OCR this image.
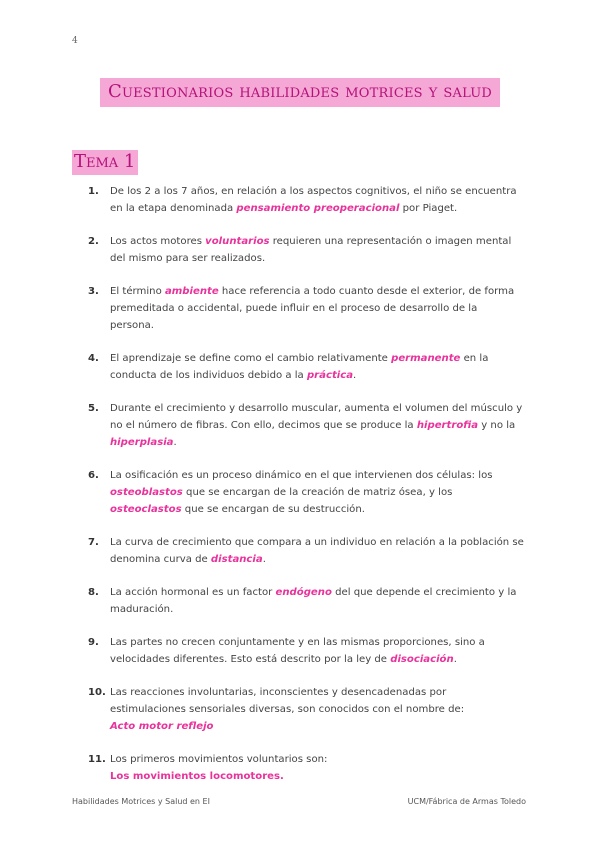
4
Cuestionarios habilidades motrices y salud
Tema 1
1. De los 2 a los 7 años, en relación a los aspectos cognitivos, el niño se encuentra en la etapa denominada pensamiento preoperacional por Piaget.
2. Los actos motores voluntarios requieren una representación o imagen mental del mismo para ser realizados.
3. El término ambiente hace referencia a todo cuanto desde el exterior, de forma premeditada o accidental, puede influir en el proceso de desarrollo de la persona.
4. El aprendizaje se define como el cambio relativamente permanente en la conducta de los individuos debido a la práctica.
5. Durante el crecimiento y desarrollo muscular, aumenta el volumen del músculo y no el número de fibras. Con ello, decimos que se produce la hipertrofia y no la hiperplasia.
6. La osificación es un proceso dinámico en el que intervienen dos células: los osteoblastos que se encargan de la creación de matriz ósea, y los osteoclastos que se encargan de su destrucción.
7. La curva de crecimiento que compara a un individuo en relación a la población se denomina curva de distancia.
8. La acción hormonal es un factor endógeno del que depende el crecimiento y la maduración.
9. Las partes no crecen conjuntamente y en las mismas proporciones, sino a velocidades diferentes. Esto está descrito por la ley de disociación.
10. Las reacciones involuntarias, inconscientes y desencadenadas por estimulaciones sensoriales diversas, son conocidos con el nombre de:
Acto motor reflejo
11. Los primeros movimientos voluntarios son:
Los movimientos locomotores.
Habilidades Motrices y Salud en EI	UCM/Fábrica de Armas Toledo
